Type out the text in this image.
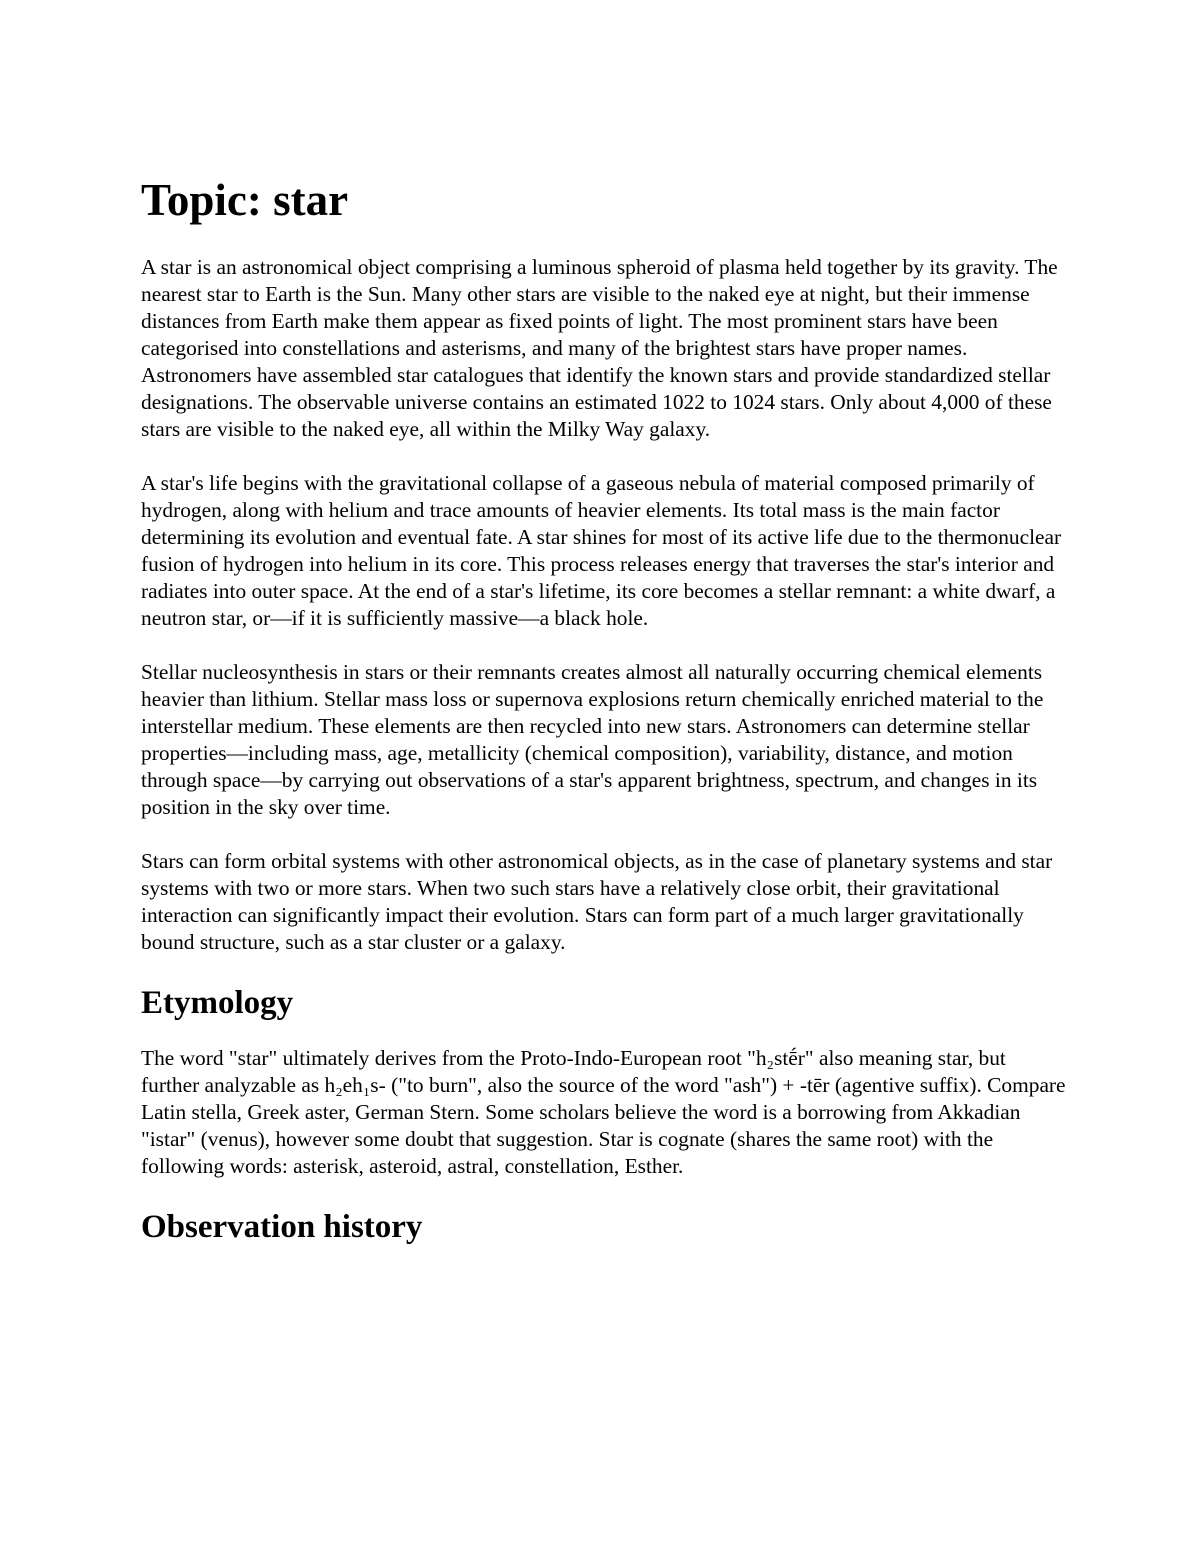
Topic: star

A star is an astronomical object comprising a luminous spheroid of plasma held together by its gravity. The nearest star to Earth is the Sun. Many other stars are visible to the naked eye at night, but their immense distances from Earth make them appear as fixed points of light. The most prominent stars have been categorised into constellations and asterisms, and many of the brightest stars have proper names. Astronomers have assembled star catalogues that identify the known stars and provide standardized stellar designations. The observable universe contains an estimated 1022 to 1024 stars. Only about 4,000 of these stars are visible to the naked eye, all within the Milky Way galaxy.

A star's life begins with the gravitational collapse of a gaseous nebula of material composed primarily of hydrogen, along with helium and trace amounts of heavier elements. Its total mass is the main factor determining its evolution and eventual fate. A star shines for most of its active life due to the thermonuclear fusion of hydrogen into helium in its core. This process releases energy that traverses the star's interior and radiates into outer space. At the end of a star's lifetime, its core becomes a stellar remnant: a white dwarf, a neutron star, or—if it is sufficiently massive—a black hole.

Stellar nucleosynthesis in stars or their remnants creates almost all naturally occurring chemical elements heavier than lithium. Stellar mass loss or supernova explosions return chemically enriched material to the interstellar medium. These elements are then recycled into new stars. Astronomers can determine stellar properties—including mass, age, metallicity (chemical composition), variability, distance, and motion through space—by carrying out observations of a star's apparent brightness, spectrum, and changes in its position in the sky over time.

Stars can form orbital systems with other astronomical objects, as in the case of planetary systems and star systems with two or more stars. When two such stars have a relatively close orbit, their gravitational interaction can significantly impact their evolution. Stars can form part of a much larger gravitationally bound structure, such as a star cluster or a galaxy.

Etymology

The word "star" ultimately derives from the Proto-Indo-European root "h₂stḗr" also meaning star, but further analyzable as h₂eh₁s- ("to burn", also the source of the word "ash") + -tēr (agentive suffix). Compare Latin stella, Greek aster, German Stern. Some scholars believe the word is a borrowing from Akkadian "istar" (venus), however some doubt that suggestion. Star is cognate (shares the same root) with the following words: asterisk, asteroid, astral, constellation, Esther.

Observation history
